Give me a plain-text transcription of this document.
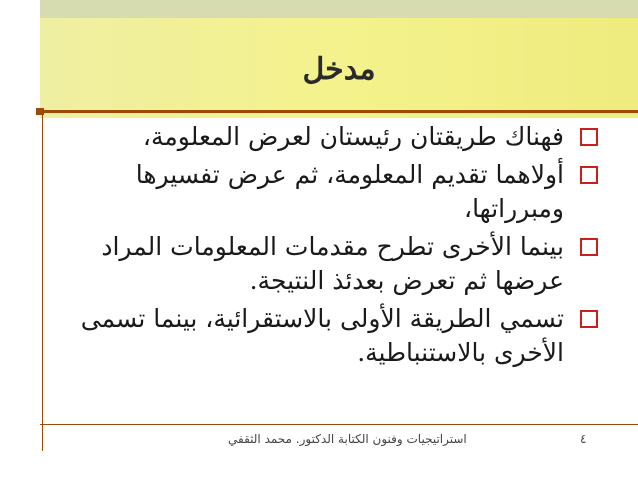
مدخل
فهناك طريقتان رئيستان لعرض المعلومة،
أولاهما تقديم المعلومة، ثم عرض تفسيرها ومبرراتها،
بينما الأخرى تطرح مقدمات المعلومات المراد عرضها ثم تعرض بعدئذ النتيجة.
تسمي الطريقة الأولى بالاستقرائية، بينما تسمى الأخرى بالاستنباطية.
٤
استراتيجيات وفنون الكتابة الدكتور. محمد الثقفي
